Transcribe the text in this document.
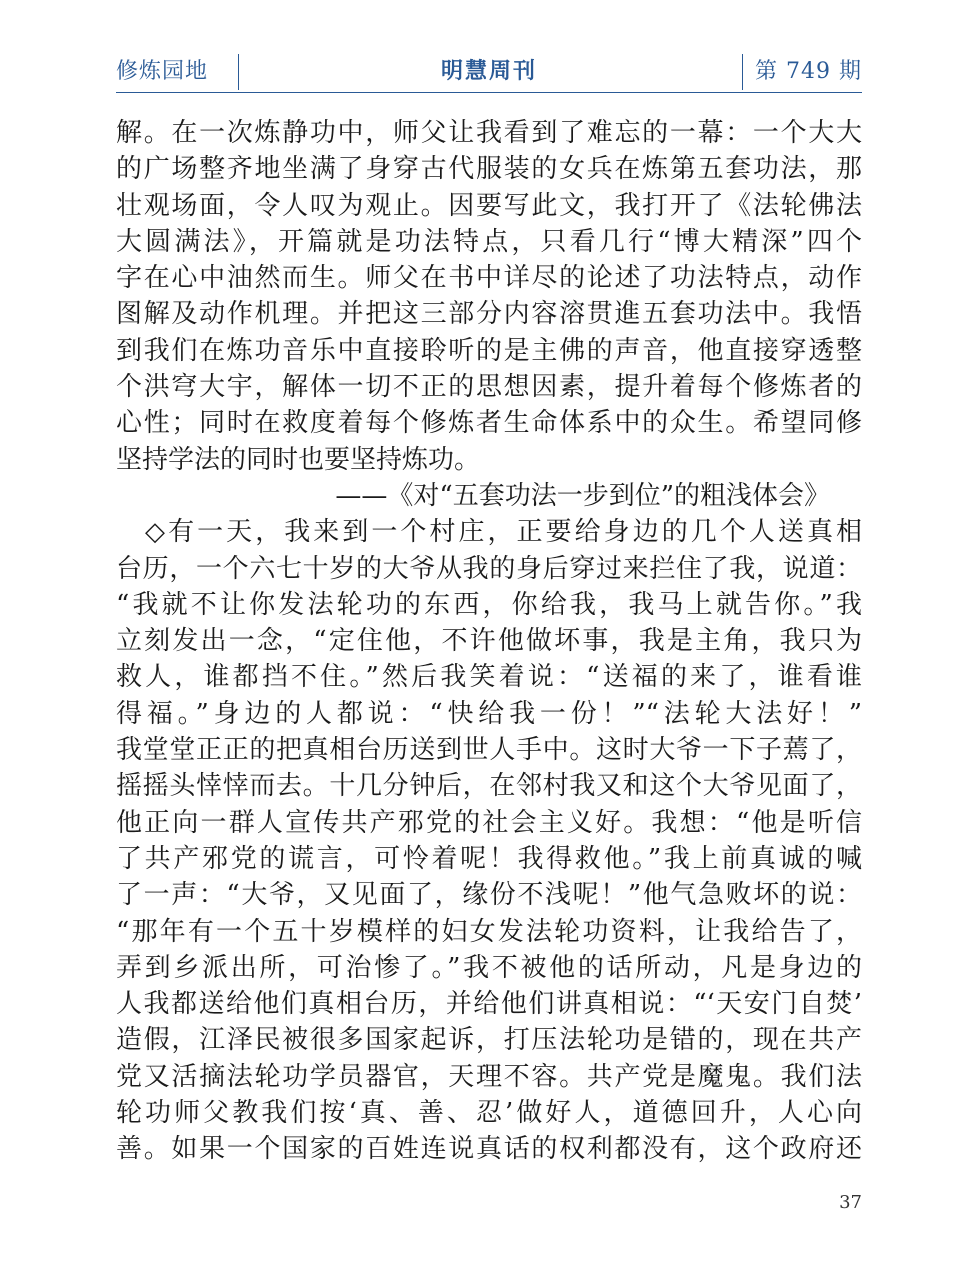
修炼园地	明慧周刊	第 749 期
解。在一次炼静功中，师父让我看到了难忘的一幕：一个大大
的广场整齐地坐满了身穿古代服装的女兵在炼第五套功法，那
壮观场面，令人叹为观止。因要写此文，我打开了《法轮佛法
大圆满法》，开篇就是功法特点，只看几行“博大精深”四个
字在心中油然而生。师父在书中详尽的论述了功法特点，动作
图解及动作机理。并把这三部分内容溶贯進五套功法中。我悟
到我们在炼功音乐中直接聆听的是主佛的声音，他直接穿透整
个洪穹大宇，解体一切不正的思想因素，提升着每个修炼者的
心性；同时在救度着每个修炼者生命体系中的众生。希望同修
坚持学法的同时也要坚持炼功。
——《对“五套功法一步到位”的粗浅体会》
　◇有一天，我来到一个村庄，正要给身边的几个人送真相
台历，一个六七十岁的大爷从我的身后穿过来拦住了我，说道：
“我就不让你发法轮功的东西，你给我，我马上就告你。”我
立刻发出一念，“定住他，不许他做坏事，我是主角，我只为
救人，谁都挡不住。”然后我笑着说：“送福的来了，谁看谁
得福。”身边的人都说：“快给我一份！”“法轮大法好！”
我堂堂正正的把真相台历送到世人手中。这时大爷一下子蔫了，
摇摇头悻悻而去。十几分钟后，在邻村我又和这个大爷见面了，
他正向一群人宣传共产邪党的社会主义好。我想：“他是听信
了共产邪党的谎言，可怜着呢！我得救他。”我上前真诚的喊
了一声：“大爷，又见面了，缘份不浅呢！”他气急败坏的说：
“那年有一个五十岁模样的妇女发法轮功资料，让我给告了，
弄到乡派出所，可治惨了。”我不被他的话所动，凡是身边的
人我都送给他们真相台历，并给他们讲真相说：“‘天安门自焚’
造假，江泽民被很多国家起诉，打压法轮功是错的，现在共产
党又活摘法轮功学员器官，天理不容。共产党是魔鬼。我们法
轮功师父教我们按‘真、善、忍’做好人，道德回升，人心向
善。如果一个国家的百姓连说真话的权利都没有，这个政府还
37
